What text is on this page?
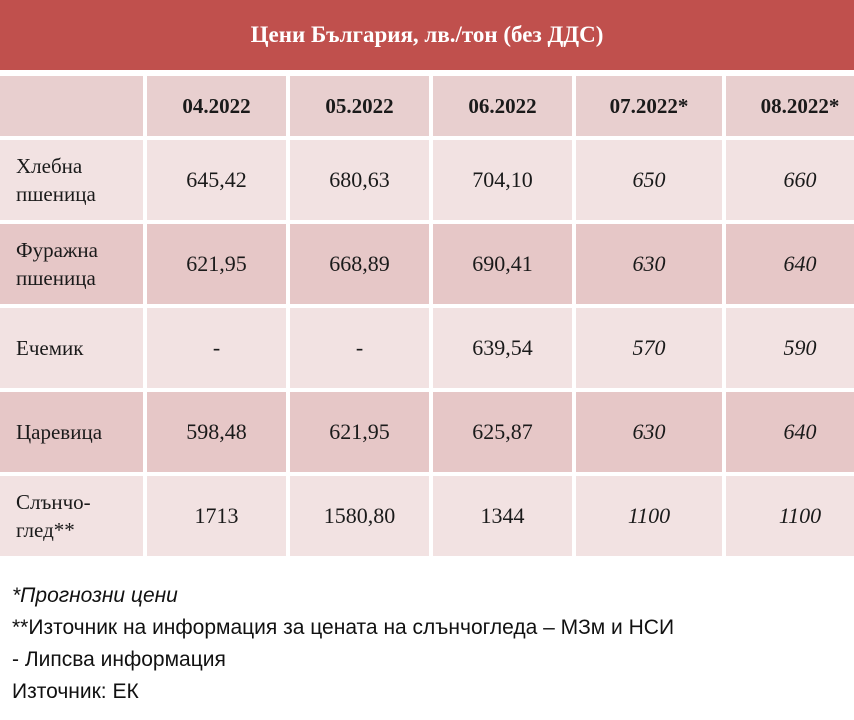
Цени България, лв./тон (без ДДС)
	04.2022	05.2022	06.2022	07.2022*	08.2022*
Хлебна
пшеница	645,42	680,63	704,10	650	660
Фуражна
пшеница	621,95	668,89	690,41	630	640
Ечемик	-	-	639,54	570	590
Царевица	598,48	621,95	625,87	630	640
Слънчо-
глед**	1713	1580,80	1344	1100	1100
*Прогнозни цени
**Източник на информация за цената на слънчогледа – МЗм и НСИ
- Липсва информация
Източник: ЕК
